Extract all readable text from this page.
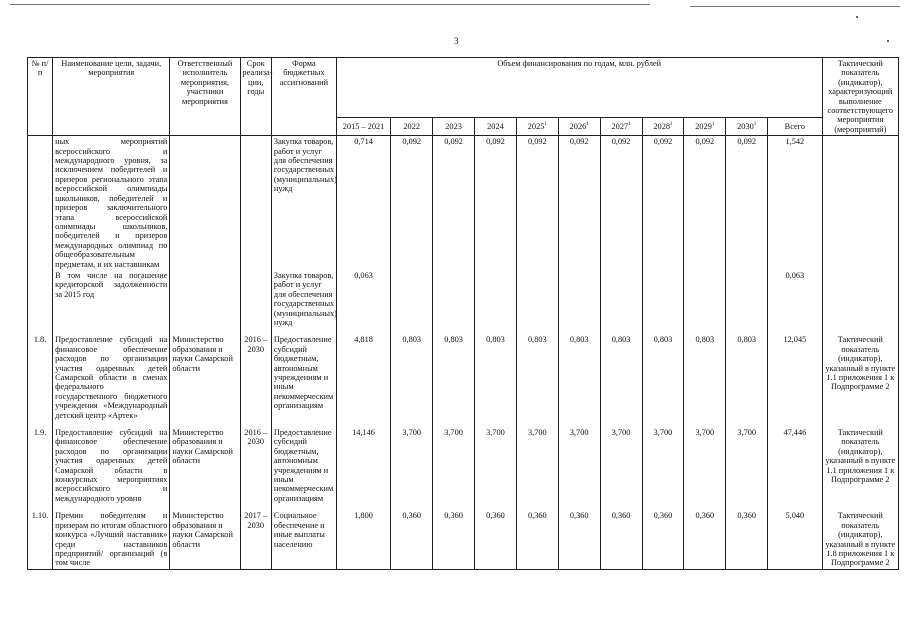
3
№ п/п	Наименование цели, задачи, мероприятия	Ответственный исполнитель мероприятия, участники мероприятия	Срок реализа-ции, годы	Форма бюджетных ассигнований	Объем финансирования по годам, млн. рублей											Тактический показатель (индикатор), характеризующий выполнение соответствующего мероприятия (мероприятий)
					2015 – 2021	2022	2023	2024	2025$^1$	2026$^1$	2027$^1$	2028$^1$	2029$^1$	2030$^1$	Всего	
	ных мероприятий всероссийского и международного уровня, за исключением победителей и призеров регионального этапа всероссийской олимпиады школьников, победителей и призеров заключительного этапа всероссийской олимпиады школьников, победителей и призеров международных олимпиад по общеобразовательным предметам, и их наставникам			Закупка товаров, работ и услуг для обеспечения государственных (муниципальных) нужд	0,714	0,092	0,092	0,092	0,092	0,092	0,092	0,092	0,092	0,092	1,542	
	В том числе на погашение кредиторской задолженности за 2015 год			Закупка товаров, работ и услуг для обеспечения государственных (муниципальных) нужд	0,063										0,063	

1.8.	Предоставление субсидий на финансовое обеспечение расходов по организации участия одаренных детей Самарской области в сменах федерального государственного бюджетного учреждения «Международный детский центр «Артек»	Министерство образования и науки Самарской области	2016 – 2030	Предоставление субсидий бюджетным, автономным учреждениям и иным некоммерческим организациям	4,818	0,803	0,803	0,803	0,803	0,803	0,803	0,803	0,803	0,803	12,045	Тактический показатель (индикатор), указанный в пункте 1.1 приложения 1 к Подпрограмме 2

1.9.	Предоставление субсидий на финансовое обеспечение расходов по организации участия одаренных детей Самарской области в конкурсных мероприятиях всероссийского и международного уровня	Министерство образования и науки Самарской области	2016 – 2030	Предоставление субсидий бюджетным, автономным учреждениям и иным некоммерческим организациям	14,146	3,700	3,700	3,700	3,700	3,700	3,700	3,700	3,700	3,700	47,446	Тактический показатель (индикатор), указанный в пункте 1.1 приложения 1 к Подпрограмме 2

1.10.	Премии победителям и призерам по итогам областного конкурса «Лучший наставник» среди наставников предприятий/ организаций (в том числе	Министерство образования и науки Самарской области	2017 – 2030	Социальное обеспечение и иные выплаты населению	1,800	0,360	0,360	0,360	0,360	0,360	0,360	0,360	0,360	0,360	5,040	Тактический показатель (индикатор), указанный в пункте 1.8 приложения 1 к Подпрограмме 2
